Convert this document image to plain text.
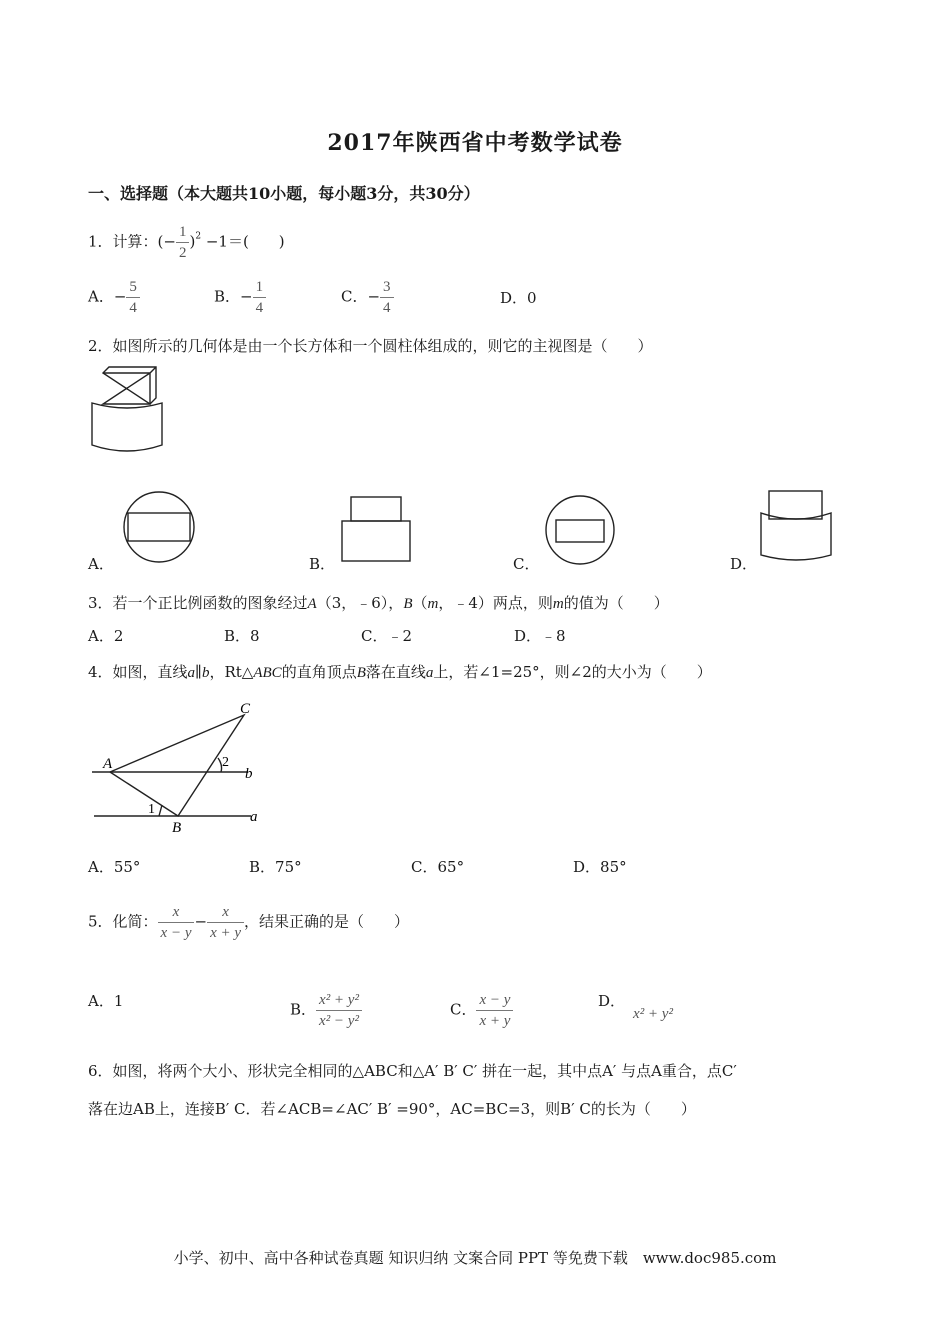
2017年陕西省中考数学试卷
一、选择题（本大题共10小题，每小题3分，共30分）
1．计算：(− $\frac{1}{2} )^2 -1=$(　　)
A．− $\frac{5}{4}$	B．− $\frac{1}{4}$	C．− $\frac{3}{4}$	D．0
2．如图所示的几何体是由一个长方体和一个圆柱体组成的，则它的主视图是（　　）
A．	B．	C．	D．
3．若一个正比例函数的图象经过A（3，﹣6），B（m，﹣4）两点，则m的值为（　　）
A．2	B．8	C．﹣2	D．﹣8
4．如图，直线a∥b，Rt△ABC的直角顶点B落在直线a上，若∠1=25°，则∠2的大小为（　　）
A
C
B
2
1
b
a
A．55°	B．75°	C．65°	D．85°
5．化简： $\frac{x}{x - y} - \frac{x}{x + y}$ ，结果正确的是（　　）
A．1	B． $\frac{\text{x² + y²}}{\text{x² − y²}}$	C． $\frac{x - y}{x + y}$	D．x² + y²
6．如图，将两个大小、形状完全相同的△ABC和△A′ B′ C′ 拼在一起，其中点A′ 与点A重合，点C′
落在边AB上，连接B′ C．若∠ACB=∠AC′ B′ =90°，AC=BC=3，则B′ C的长为（　　）
小学、初中、高中各种试卷真题 知识归纳 文案合同 PPT 等免费下载　www.doc985.com
